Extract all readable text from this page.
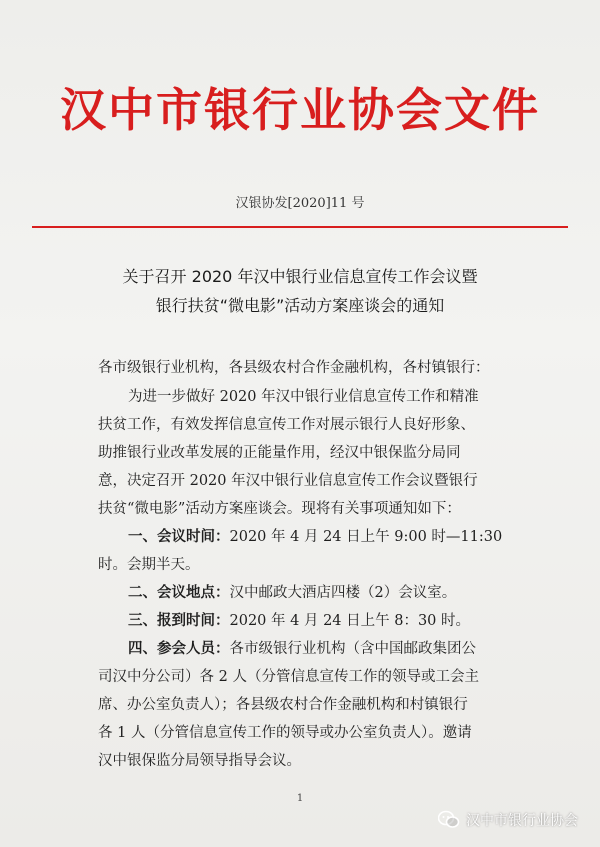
汉中市银行业协会文件
汉银协发[2020]11 号
关于召开 2020 年汉中银行业信息宣传工作会议暨
银行扶贫“微电影”活动方案座谈会的通知
各市级银行业机构，各县级农村合作金融机构，各村镇银行：
为进一步做好 2020 年汉中银行业信息宣传工作和精准
扶贫工作，有效发挥信息宣传工作对展示银行人良好形象、
助推银行业改革发展的正能量作用，经汉中银保监分局同
意，决定召开 2020 年汉中银行业信息宣传工作会议暨银行
扶贫“微电影”活动方案座谈会。现将有关事项通知如下：
一、会议时间：2020 年 4 月 24 日上午 9:00 时—11:30
时。会期半天。
二、会议地点：汉中邮政大酒店四楼（2）会议室。
三、报到时间：2020 年 4 月 24 日上午 8：30 时。
四、参会人员：各市级银行业机构（含中国邮政集团公
司汉中分公司）各 2 人（分管信息宣传工作的领导或工会主
席、办公室负责人）；各县级农村合作金融机构和村镇银行
各 1 人（分管信息宣传工作的领导或办公室负责人）。邀请
汉中银保监分局领导指导会议。
1
汉中市银行业协会
